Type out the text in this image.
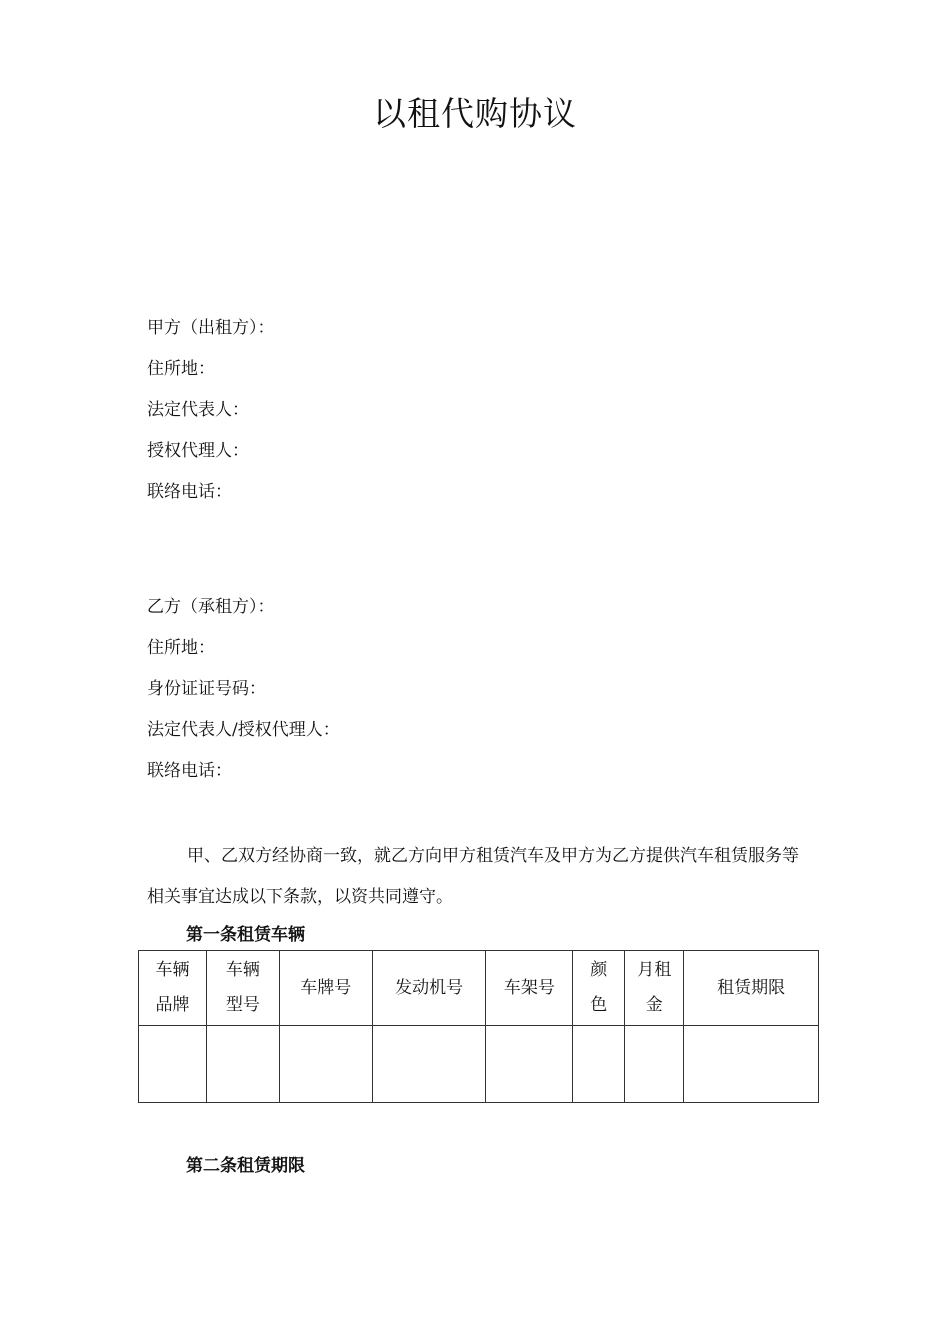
以租代购协议
甲方（出租方）：
住所地：
法定代表人：
授权代理人：
联络电话：
乙方（承租方）：
住所地：
身份证证号码：
法定代表人/授权代理人：
联络电话：

甲、乙双方经协商一致，就乙方向甲方租赁汽车及甲方为乙方提供汽车租赁服务等相关事宜达成以下条款，以资共同遵守。

第一条租赁车辆
车辆品牌	车辆型号	车牌号	发动机号	车架号	颜色	月租金	租赁期限

第二条租赁期限
